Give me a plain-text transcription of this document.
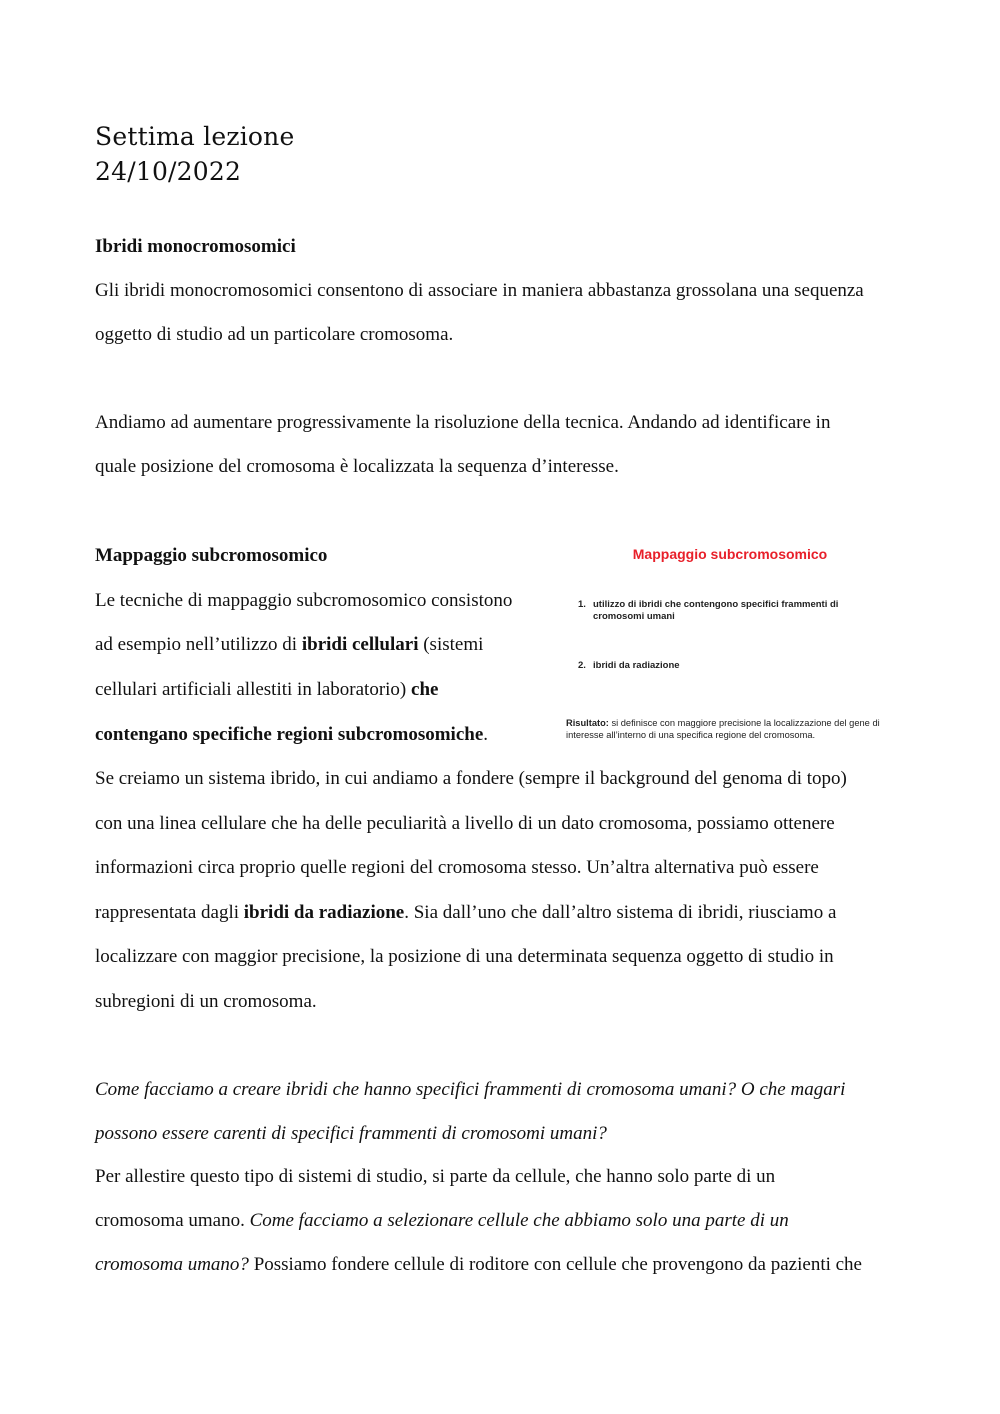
Settima lezione
24/10/2022

Ibridi monocromosomici

Gli ibridi monocromosomici consentono di associare in maniera abbastanza grossolana una sequenza

oggetto di studio ad un particolare cromosoma.

Andiamo ad aumentare progressivamente la risoluzione della tecnica. Andando ad identificare in

quale posizione del cromosoma è localizzata la sequenza d’interesse.

Mappaggio subcromosomico

Le tecniche di mappaggio subcromosomico consistono

ad esempio nell’utilizzo di ibridi cellulari (sistemi

cellulari artificiali allestiti in laboratorio) che

contengano specifiche regioni subcromosomiche.

Se creiamo un sistema ibrido, in cui andiamo a fondere (sempre il background del genoma di topo)

con una linea cellulare che ha delle peculiarità a livello di un dato cromosoma, possiamo ottenere

informazioni circa proprio quelle regioni del cromosoma stesso. Un’altra alternativa può essere

rappresentata dagli ibridi da radiazione. Sia dall’uno che dall’altro sistema di ibridi, riusciamo a

localizzare con maggior precisione, la posizione di una determinata sequenza oggetto di studio in

subregioni di un cromosoma.

Mappaggio subcromosomico
1. utilizzo di ibridi che contengono specifici frammenti di
cromosomi umani
2. ibridi da radiazione
Risultato: si definisce con maggiore precisione la localizzazione del gene di
interesse all’interno di una specifica regione del cromosoma.

Come facciamo a creare ibridi che hanno specifici frammenti di cromosoma umani? O che magari

possono essere carenti di specifici frammenti di cromosomi umani?

Per allestire questo tipo di sistemi di studio, si parte da cellule, che hanno solo parte di un

cromosoma umano. Come facciamo a selezionare cellule che abbiamo solo una parte di un

cromosoma umano? Possiamo fondere cellule di roditore con cellule che provengono da pazienti che
